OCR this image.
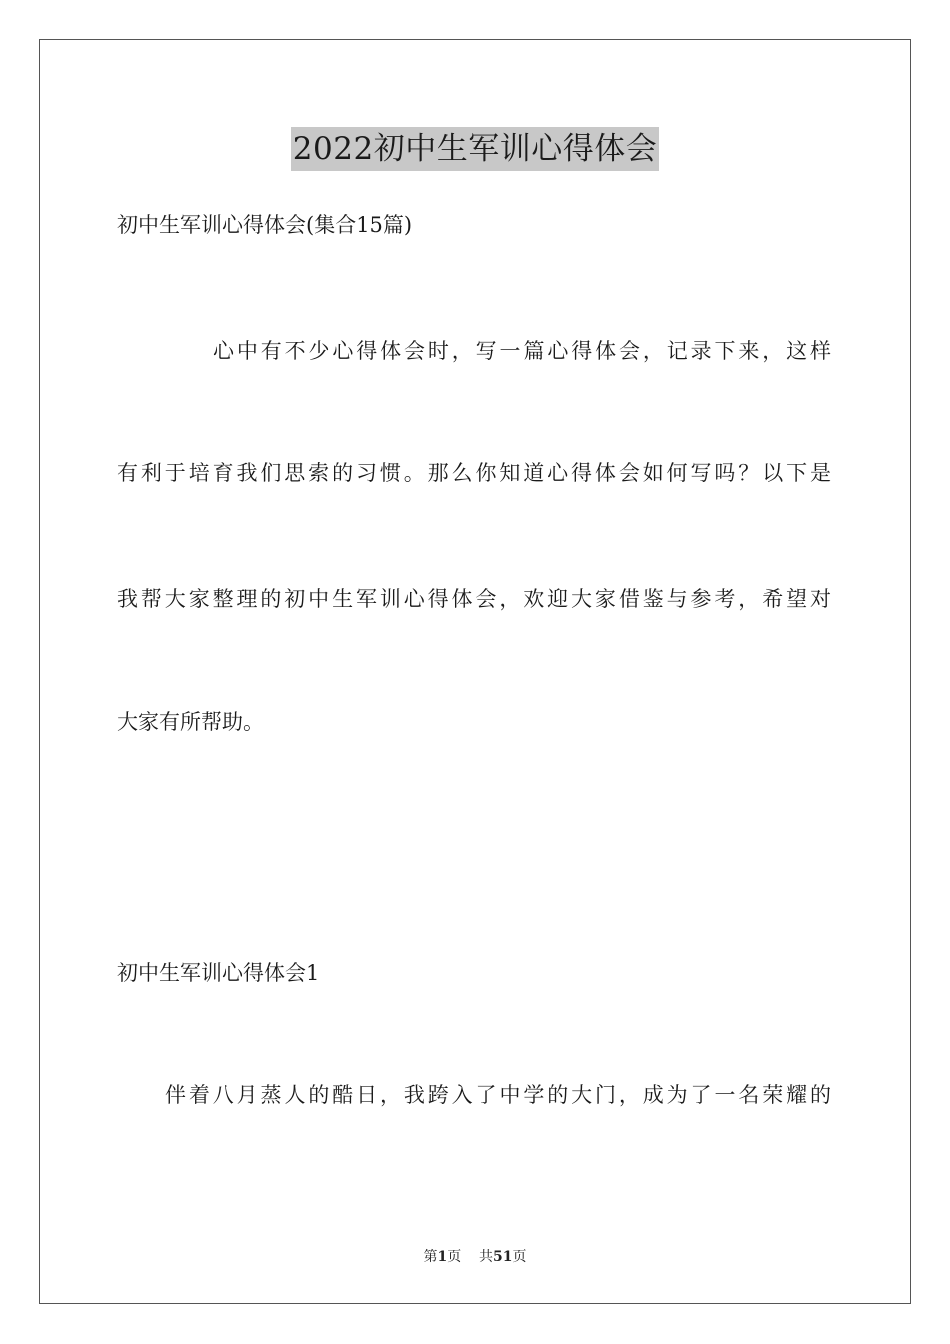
2022初中生军训心得体会
初中生军训心得体会(集合15篇)
心中有不少心得体会时，写一篇心得体会，记录下来，这样
有利于培育我们思索的习惯。那么你知道心得体会如何写吗？以下是
我帮大家整理的初中生军训心得体会，欢迎大家借鉴与参考，希望对
大家有所帮助。
初中生军训心得体会1
伴着八月蒸人的酷日，我跨入了中学的大门，成为了一名荣耀的
第1页 共51页
